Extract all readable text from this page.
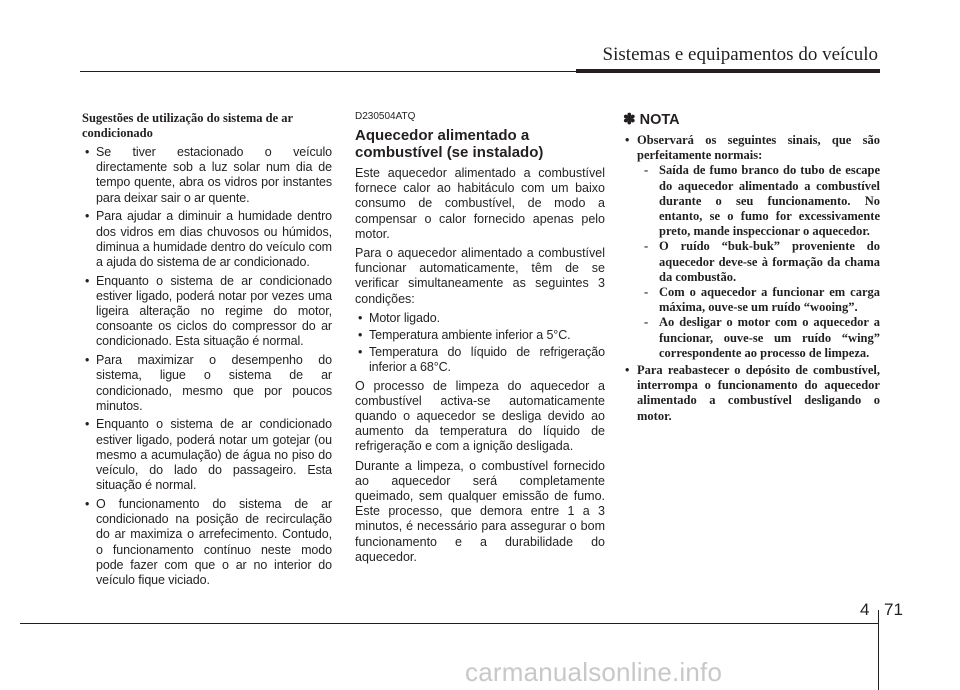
Sistemas e equipamentos do veículo
Sugestões de utilização do sistema de ar condicionado
• Se tiver estacionado o veículo directamente sob a luz solar num dia de tempo quente, abra os vidros por instantes para deixar sair o ar quente.
• Para ajudar a diminuir a humidade dentro dos vidros em dias chuvosos ou húmidos, diminua a humidade dentro do veículo com a ajuda do sistema de ar condicionado.
• Enquanto o sistema de ar condicionado estiver ligado, poderá notar por vezes uma ligeira alteração no regime do motor, consoante os ciclos do compressor do ar condicionado. Esta situação é normal.
• Para maximizar o desempenho do sistema, ligue o sistema de ar condicionado, mesmo que por poucos minutos.
• Enquanto o sistema de ar condicionado estiver ligado, poderá notar um gotejar (ou mesmo a acumulação) de água no piso do veículo, do lado do passageiro. Esta situação é normal.
• O funcionamento do sistema de ar condicionado na posição de recirculação do ar maximiza o arrefecimento. Contudo, o funcionamento contínuo neste modo pode fazer com que o ar no interior do veículo fique viciado.
D230504ATQ
Aquecedor alimentado a combustível (se instalado)

Este aquecedor alimentado a combustível fornece calor ao habitáculo com um baixo consumo de combustível, de modo a compensar o calor fornecido apenas pelo motor.

Para o aquecedor alimentado a combustível funcionar automaticamente, têm de se verificar simultaneamente as seguintes 3 condições:

• Motor ligado.
• Temperatura ambiente inferior a 5°C.
• Temperatura do líquido de refrigeração inferior a 68°C.

O processo de limpeza do aquecedor a combustível activa-se automaticamente quando o aquecedor se desliga devido ao aumento da temperatura do líquido de refrigeração e com a ignição desligada.

Durante a limpeza, o combustível fornecido ao aquecedor será completamente queimado, sem qualquer emissão de fumo. Este processo, que demora entre 1 a 3 minutos, é necessário para assegurar o bom funcionamento e a durabilidade do aquecedor.

✽ NOTA
• Observará os seguintes sinais, que são perfeitamente normais:
- Saída de fumo branco do tubo de escape do aquecedor alimentado a combustível durante o seu funcionamento. No entanto, se o fumo for excessivamente preto, mande inspeccionar o aquecedor.
- O ruído “buk-buk” proveniente do aquecedor deve-se à formação da chama da combustão.
- Com o aquecedor a funcionar em carga máxima, ouve-se um ruído “wooing”.
- Ao desligar o motor com o aquecedor a funcionar, ouve-se um ruído “wing” correspondente ao processo de limpeza.
• Para reabastecer o depósito de combustível, interrompa o funcionamento do aquecedor alimentado a combustível desligando o motor.
4 71
carmanualsonline.info
